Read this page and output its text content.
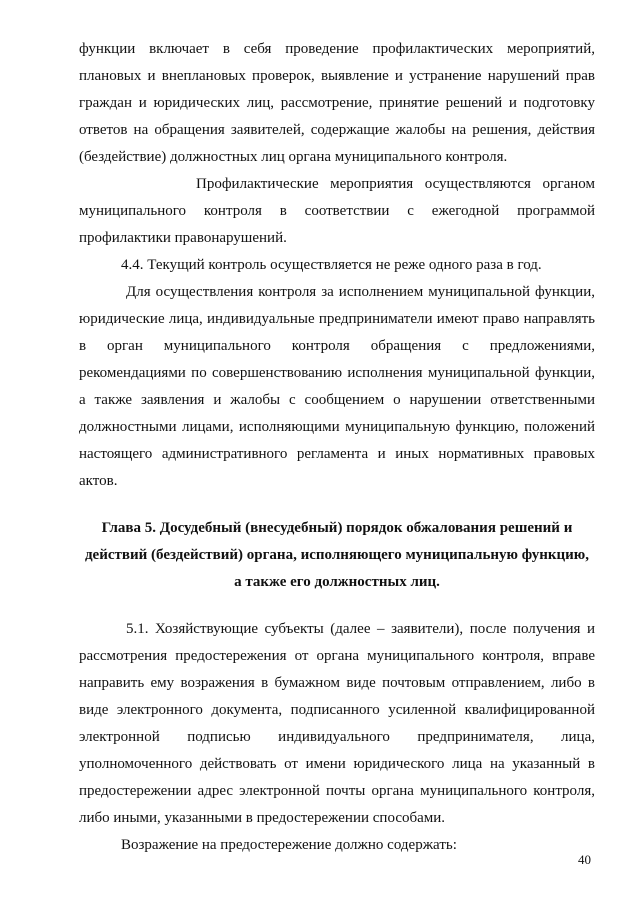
функции включает в себя проведение профилактических мероприятий,
плановых и внеплановых проверок, выявление и устранение нарушений прав
граждан и юридических лиц, рассмотрение, принятие решений и подготовку
ответов на обращения заявителей, содержащие жалобы на решения, действия
(бездействие) должностных лиц органа муниципального контроля.
Профилактические мероприятия осуществляются органом
муниципального контроля в соответствии с ежегодной программой
профилактики правонарушений.
4.4. Текущий контроль осуществляется не реже одного раза в год.
Для осуществления контроля за исполнением муниципальной функции,
юридические лица, индивидуальные предприниматели имеют право направлять
в орган муниципального контроля обращения с предложениями,
рекомендациями по совершенствованию исполнения муниципальной функции,
а также заявления и жалобы с сообщением о нарушении ответственными
должностными лицами, исполняющими муниципальную функцию, положений
настоящего административного регламента и иных нормативных правовых
актов.
Глава 5. Досудебный (внесудебный) порядок обжалования решений и
действий (бездействий) органа, исполняющего муниципальную функцию,
а также его должностных лиц.
5.1. Хозяйствующие субъекты (далее – заявители), после получения и
рассмотрения предостережения от органа муниципального контроля, вправе
направить ему возражения в бумажном виде почтовым отправлением, либо в
виде электронного документа, подписанного усиленной квалифицированной
электронной подписью индивидуального предпринимателя, лица,
уполномоченного действовать от имени юридического лица на указанный в
предостережении адрес электронной почты органа муниципального контроля,
либо иными, указанными в предостережении способами.
Возражение на предостережение должно содержать:
40
